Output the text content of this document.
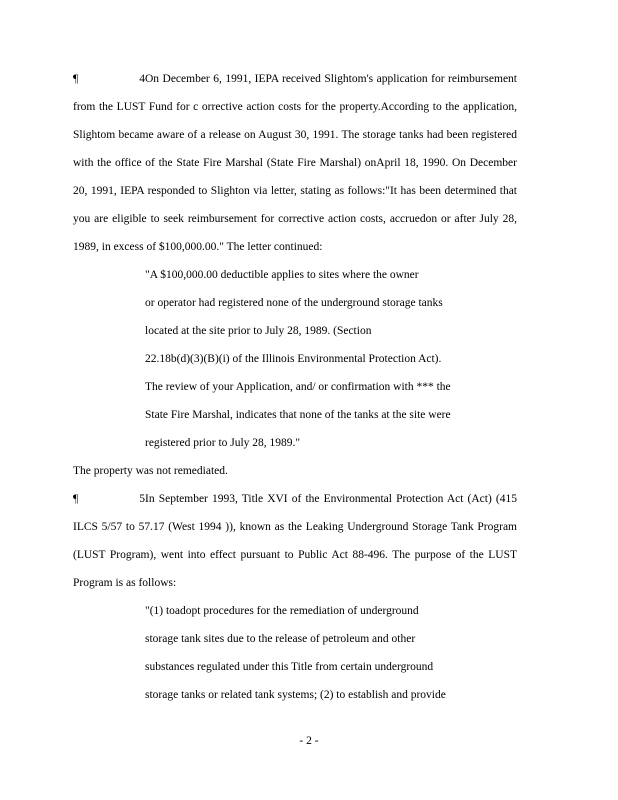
¶ 4On December 6, 1991, IEPA received Slightom's application for reimbursement
from the LUST Fund for c orrective action costs for the property.According to the application,
Slightom became aware of a release on August 30, 1991. The storage tanks had been registered
with the office of the State Fire Marshal (State Fire Marshal) onApril 18, 1990. On December
20, 1991, IEPA responded to Slighton via letter, stating as follows:"It has been determined that
you are eligible to seek reimbursement for corrective action costs, accruedon or after July 28,
1989, in excess of $100,000.00." The letter continued:
"A $100,000.00 deductible applies to sites where the owner
or operator had registered none of the underground storage tanks
located at the site prior to July 28, 1989. (Section
22.18b(d)(3)(B)(i) of the Illinois Environmental Protection Act).
The review of your Application, and/ or confirmation with *** the
State Fire Marshal, indicates that none of the tanks at the site were
registered prior to July 28, 1989."
The property was not remediated.
¶ 5In September 1993, Title XVI of the Environmental Protection Act (Act) (415
ILCS 5/57 to 57.17 (West 1994 )), known as the Leaking Underground Storage Tank Program
(LUST Program), went into effect pursuant to Public Act 88-496. The purpose of the LUST
Program is as follows:
"(1) toadopt procedures for the remediation of underground
storage tank sites due to the release of petroleum and other
substances regulated under this Title from certain underground
storage tanks or related tank systems; (2) to establish and provide
- 2 -
